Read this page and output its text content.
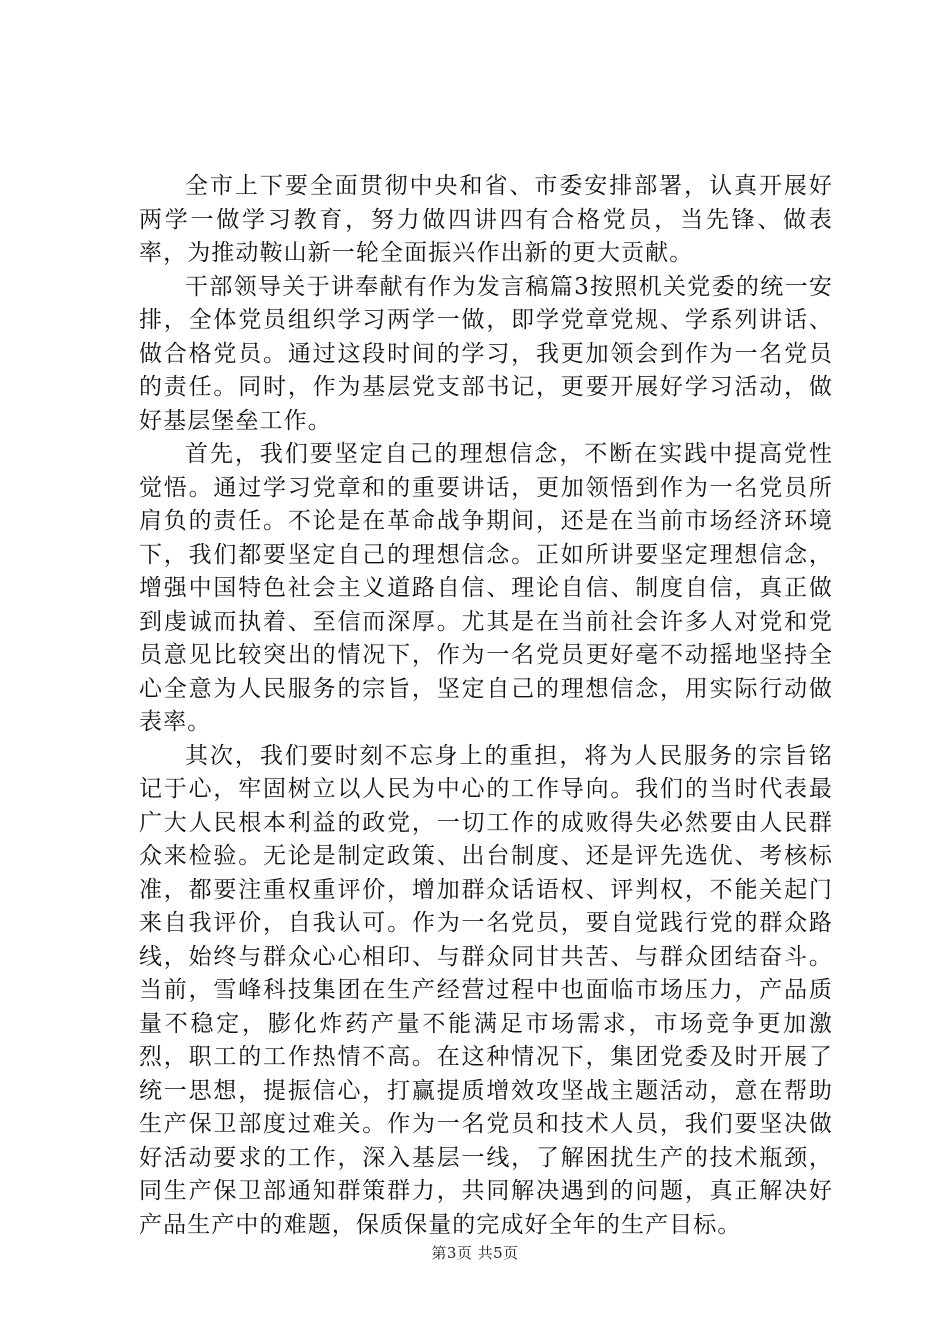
全市上下要全面贯彻中央和省、市委安排部署，认真开展好两学一做学习教育，努力做四讲四有合格党员，当先锋、做表率，为推动鞍山新一轮全面振兴作出新的更大贡献。

干部领导关于讲奉献有作为发言稿篇3按照机关党委的统一安排，全体党员组织学习两学一做，即学党章党规、学系列讲话、做合格党员。通过这段时间的学习，我更加领会到作为一名党员的责任。同时，作为基层党支部书记，更要开展好学习活动，做好基层堡垒工作。

首先，我们要坚定自己的理想信念，不断在实践中提高党性觉悟。通过学习党章和的重要讲话，更加领悟到作为一名党员所肩负的责任。不论是在革命战争期间，还是在当前市场经济环境下，我们都要坚定自己的理想信念。正如所讲要坚定理想信念，增强中国特色社会主义道路自信、理论自信、制度自信，真正做到虔诚而执着、至信而深厚。尤其是在当前社会许多人对党和党员意见比较突出的情况下，作为一名党员更好毫不动摇地坚持全心全意为人民服务的宗旨，坚定自己的理想信念，用实际行动做表率。

其次，我们要时刻不忘身上的重担，将为人民服务的宗旨铭记于心，牢固树立以人民为中心的工作导向。我们的当时代表最广大人民根本利益的政党，一切工作的成败得失必然要由人民群众来检验。无论是制定政策、出台制度、还是评先选优、考核标准，都要注重权重评价，增加群众话语权、评判权，不能关起门来自我评价，自我认可。作为一名党员，要自觉践行党的群众路线，始终与群众心心相印、与群众同甘共苦、与群众团结奋斗。当前，雪峰科技集团在生产经营过程中也面临市场压力，产品质量不稳定，膨化炸药产量不能满足市场需求，市场竞争更加激烈，职工的工作热情不高。在这种情况下，集团党委及时开展了统一思想，提振信心，打赢提质增效攻坚战主题活动，意在帮助生产保卫部度过难关。作为一名党员和技术人员，我们要坚决做好活动要求的工作，深入基层一线，了解困扰生产的技术瓶颈，同生产保卫部通知群策群力，共同解决遇到的问题，真正解决好产品生产中的难题，保质保量的完成好全年的生产目标。

第3页 共5页
